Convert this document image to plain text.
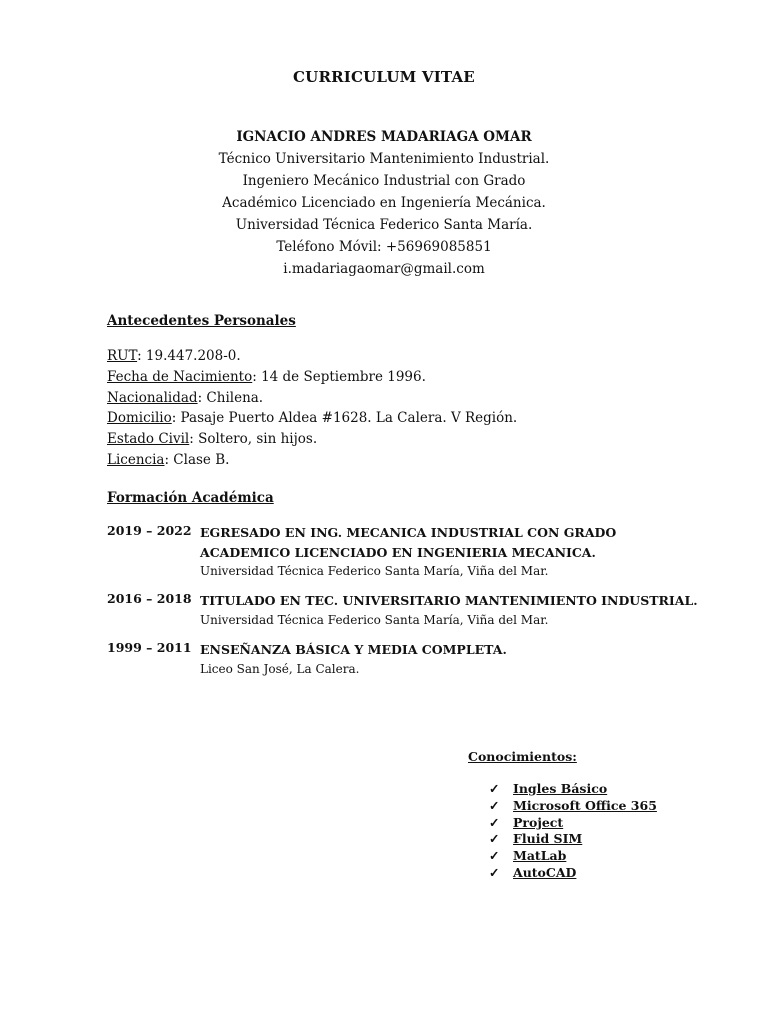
CURRICULUM VITAE
IGNACIO ANDRES MADARIAGA OMAR
Técnico Universitario Mantenimiento Industrial.
Ingeniero Mecánico Industrial con Grado
Académico Licenciado en Ingeniería Mecánica.
Universidad Técnica Federico Santa María.
Teléfono Móvil: +56969085851
i.madariagaomar@gmail.com
Antecedentes Personales
RUT: 19.447.208-0.
Fecha de Nacimiento: 14 de Septiembre 1996.
Nacionalidad: Chilena.
Domicilio: Pasaje Puerto Aldea #1628. La Calera. V Región.
Estado Civil: Soltero, sin hijos.
Licencia: Clase B.
Formación Académica
2019 – 2022 EGRESADO EN ING. MECANICA INDUSTRIAL CON GRADO
ACADEMICO LICENCIADO EN INGENIERIA MECANICA.
Universidad Técnica Federico Santa María, Viña del Mar.
2016 – 2018 TITULADO EN TEC. UNIVERSITARIO MANTENIMIENTO INDUSTRIAL.
Universidad Técnica Federico Santa María, Viña del Mar.
1999 – 2011 ENSEÑANZA BÁSICA Y MEDIA COMPLETA.
Liceo San José, La Calera.
Conocimientos:
✓ Ingles Básico
✓ Microsoft Office 365
✓ Project
✓ Fluid SIM
✓ MatLab
✓ AutoCAD
